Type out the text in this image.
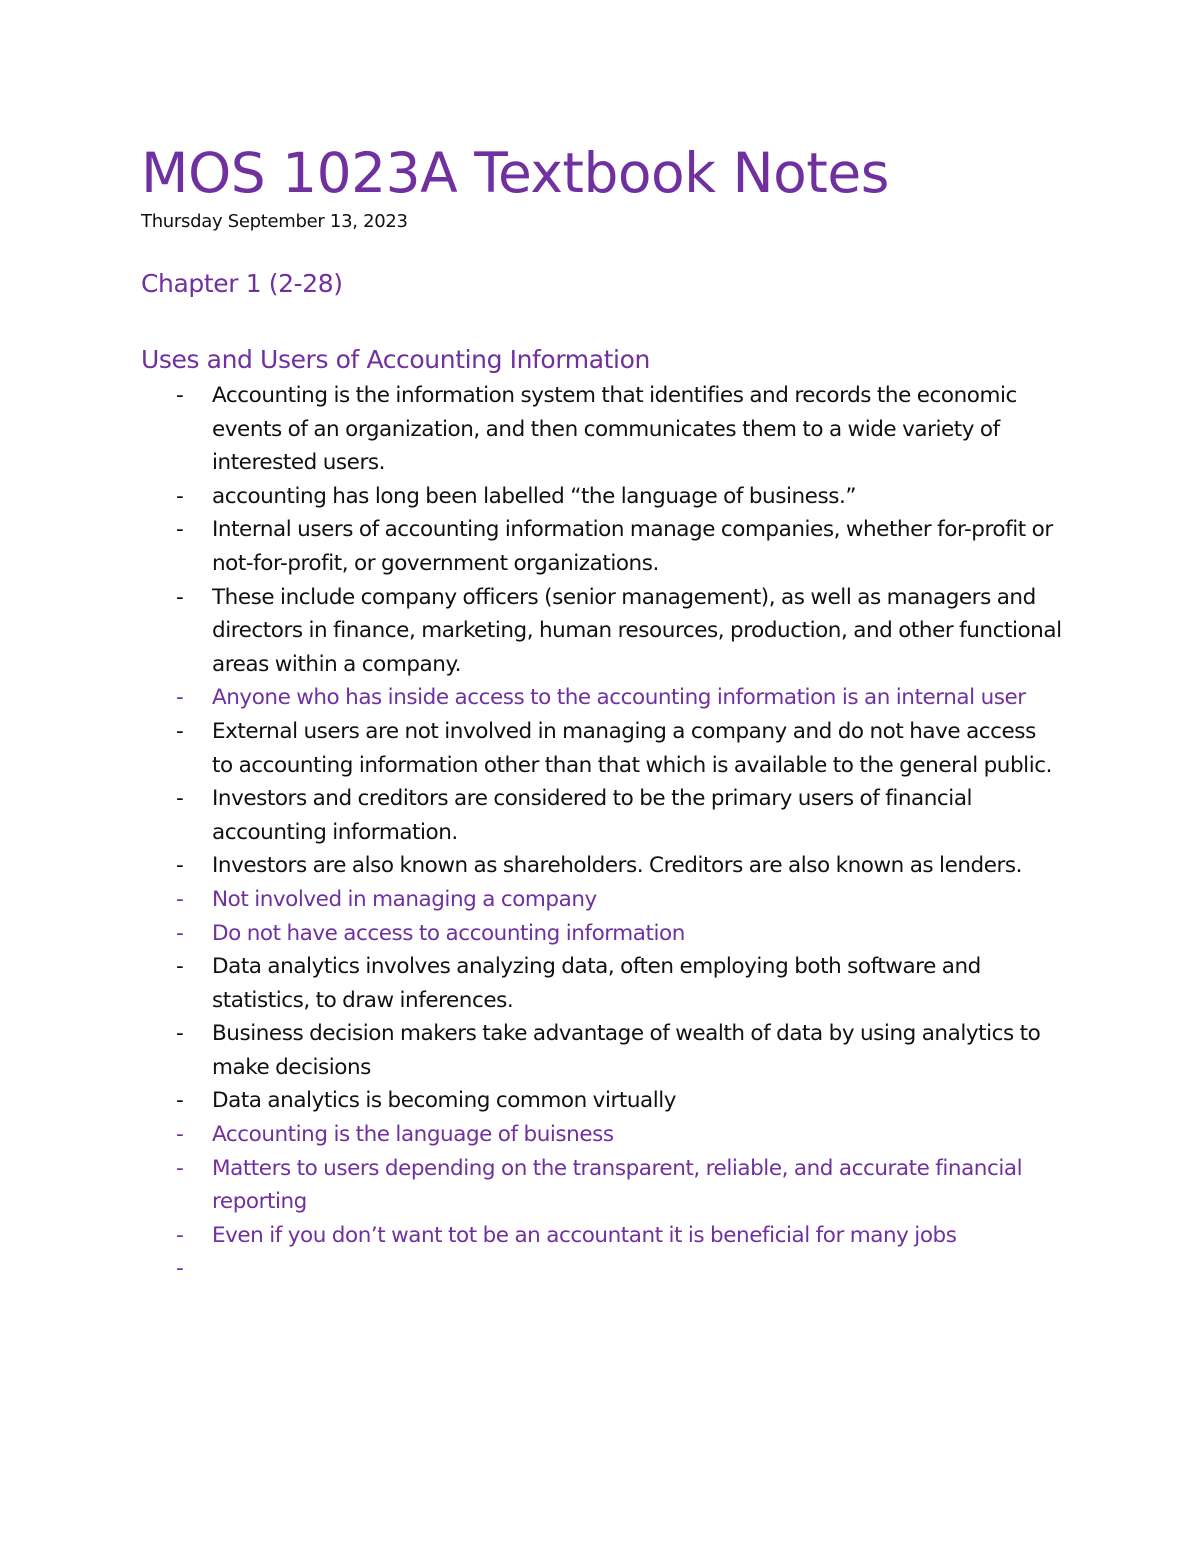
MOS 1023A Textbook Notes
Thursday September 13, 2023
Chapter 1 (2-28)
Uses and Users of Accounting Information
- Accounting is the information system that identifies and records the economic events of an organization, and then communicates them to a wide variety of interested users.
- accounting has long been labelled “the language of business.”
- Internal users of accounting information manage companies, whether for-profit or not-for-profit, or government organizations.
- These include company officers (senior management), as well as managers and directors in finance, marketing, human resources, production, and other functional areas within a company.
- Anyone who has inside access to the accounting information is an internal user
- External users are not involved in managing a company and do not have access to accounting information other than that which is available to the general public.
- Investors and creditors are considered to be the primary users of financial accounting information.
- Investors are also known as shareholders. Creditors are also known as lenders.
- Not involved in managing a company
- Do not have access to accounting information
- Data analytics involves analyzing data, often employing both software and statistics, to draw inferences.
- Business decision makers take advantage of wealth of data by using analytics to make decisions
- Data analytics is becoming common virtually
- Accounting is the language of buisness
- Matters to users depending on the transparent, reliable, and accurate financial reporting
- Even if you don’t want tot be an accountant it is beneficial for many jobs
-
